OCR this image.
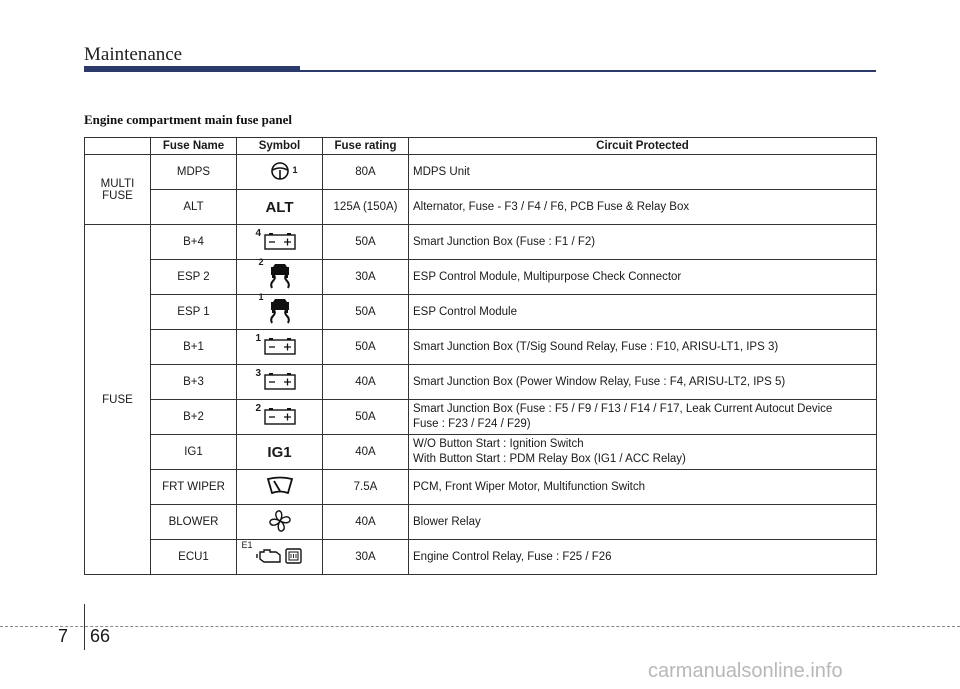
Maintenance
Engine compartment main fuse panel
	Fuse Name	Symbol	Fuse rating	Circuit Protected
MULTI FUSE	MDPS	1	80A	MDPS Unit
	ALT	ALT	125A (150A)	Alternator, Fuse - F3 / F4 / F6, PCB Fuse & Relay Box
FUSE	B+4	4	50A	Smart Junction Box (Fuse : F1 / F2)
	ESP 2	2	30A	ESP Control Module, Multipurpose Check Connector
	ESP 1	1	50A	ESP Control Module
	B+1	1	50A	Smart Junction Box (T/Sig Sound Relay, Fuse : F10, ARISU-LT1, IPS 3)
	B+3	3	40A	Smart Junction Box (Power Window Relay, Fuse : F4, ARISU-LT2, IPS 5)
	B+2	2	50A	Smart Junction Box (Fuse : F5 / F9 / F13 / F14 / F17, Leak Current Autocut Device
Fuse : F23 / F24 / F29)

	IG1	IG1	40A	W/O Button Start : Ignition Switch
With Button Start : PDM Relay Box (IG1 / ACC Relay)

	FRT WIPER		7.5A	PCM, Front Wiper Motor, Multifunction Switch
	BLOWER		40A	Blower Relay
	ECU1	E1	30A	Engine Control Relay, Fuse : F25 / F26
7 66
carmanualsonline.info
